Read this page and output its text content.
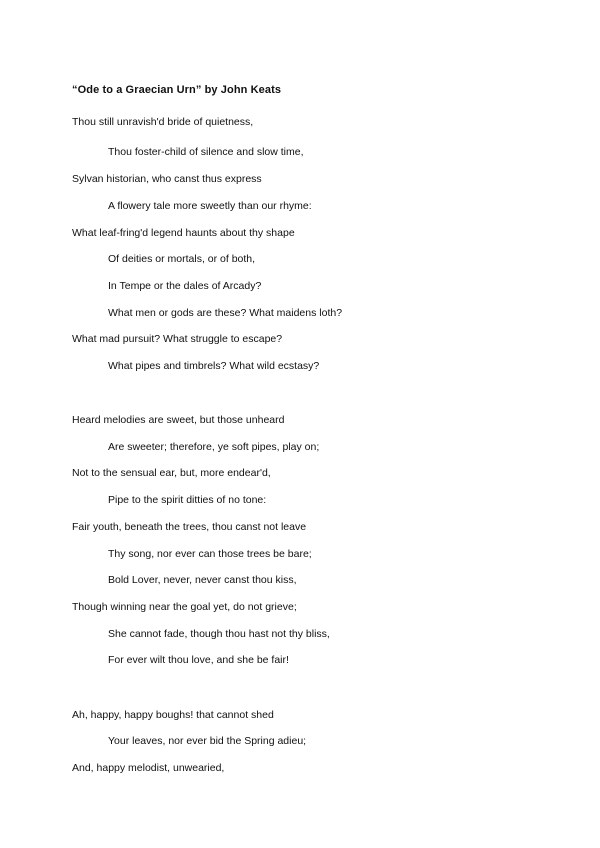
“Ode to a Graecian Urn” by John Keats
Thou still unravish'd bride of quietness,
Thou foster-child of silence and slow time,
Sylvan historian, who canst thus express
A flowery tale more sweetly than our rhyme:
What leaf-fring'd legend haunts about thy shape
Of deities or mortals, or of both,
In Tempe or the dales of Arcady?
What men or gods are these? What maidens loth?
What mad pursuit? What struggle to escape?
What pipes and timbrels? What wild ecstasy?
Heard melodies are sweet, but those unheard
Are sweeter; therefore, ye soft pipes, play on;
Not to the sensual ear, but, more endear'd,
Pipe to the spirit ditties of no tone:
Fair youth, beneath the trees, thou canst not leave
Thy song, nor ever can those trees be bare;
Bold Lover, never, never canst thou kiss,
Though winning near the goal yet, do not grieve;
She cannot fade, though thou hast not thy bliss,
For ever wilt thou love, and she be fair!
Ah, happy, happy boughs! that cannot shed
Your leaves, nor ever bid the Spring adieu;
And, happy melodist, unwearied,
